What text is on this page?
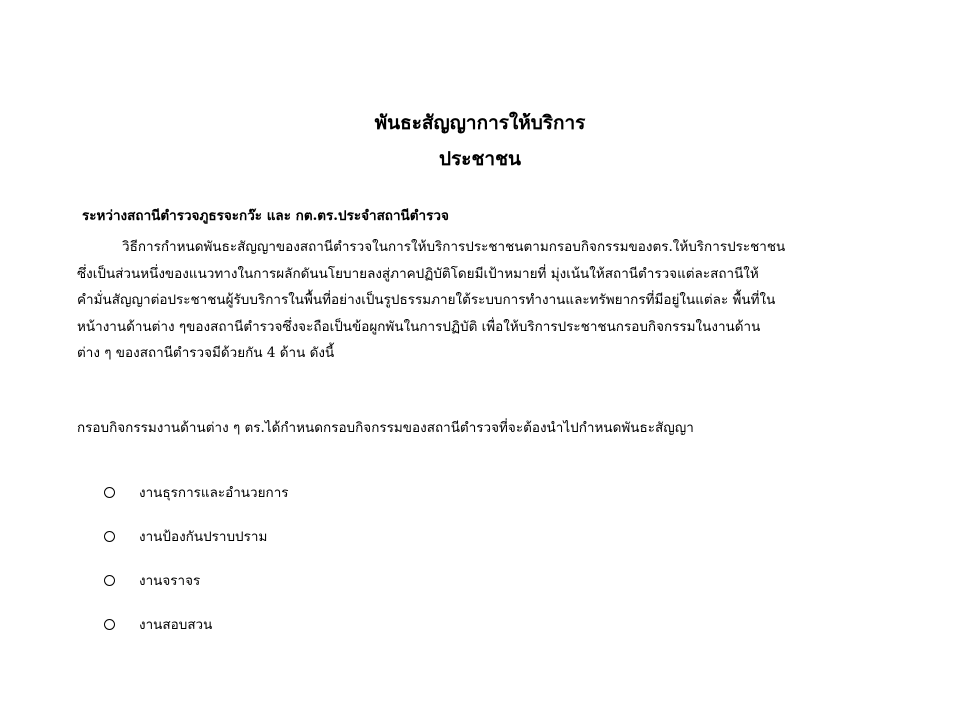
พันธะสัญญาการให้บริการ
ประชาชน

ระหว่างสถานีตำรวจภูธรจะกว๊ะ และ กต.ตร.ประจำสถานีตำรวจ

วิธีการกำหนดพันธะสัญญาของสถานีตำรวจในการให้บริการประชาชนตามกรอบกิจกรรมของตร.ให้บริการประชาชน
ซึ่งเป็นส่วนหนึ่งของแนวทางในการผลักดันนโยบายลงสู่ภาคปฏิบัติโดยมีเป้าหมายที่ มุ่งเน้นให้สถานีตำรวจแต่ละสถานีให้
คำมั่นสัญญาต่อประชาชนผู้รับบริการในพื้นที่อย่างเป็นรูปธรรมภายใต้ระบบการทำงานและทรัพยากรที่มีอยู่ในแต่ละ พื้นที่ใน
หน้างานด้านต่าง ๆของสถานีตำรวจซึ่งจะถือเป็นข้อผูกพันในการปฏิบัติ เพื่อให้บริการประชาชนกรอบกิจกรรมในงานด้าน
ต่าง ๆ ของสถานีตำรวจมีด้วยกัน 4 ด้าน ดังนี้

กรอบกิจกรรมงานด้านต่าง ๆ ตร.ได้กำหนดกรอบกิจกรรมของสถานีตำรวจที่จะต้องนำไปกำหนดพันธะสัญญา

งานธุรการและอำนวยการ
งานป้องกันปราบปราม
งานจราจร
งานสอบสวน
